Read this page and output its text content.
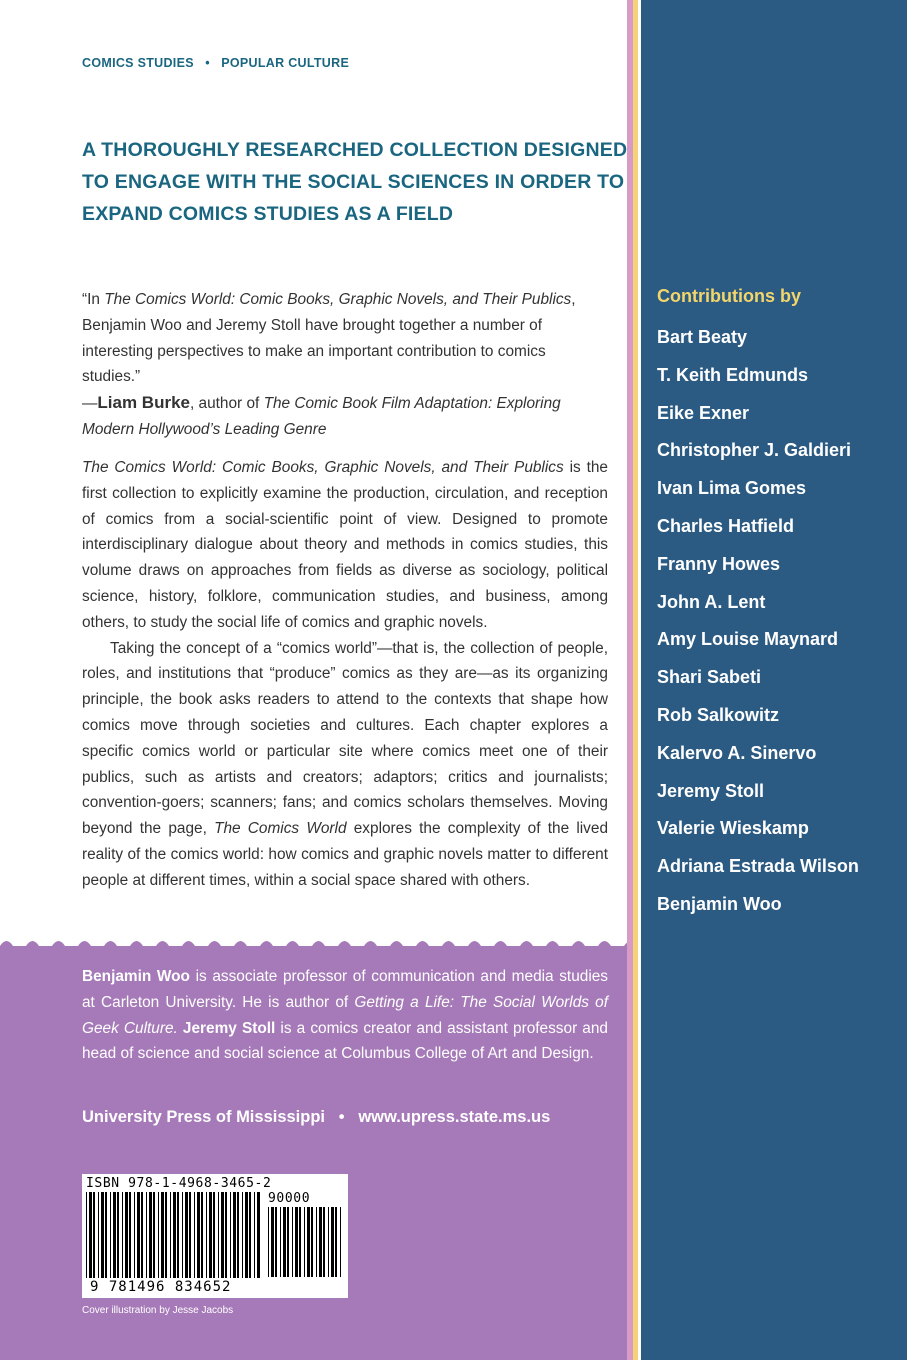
COMICS STUDIES • POPULAR CULTURE
A THOROUGHLY RESEARCHED COLLECTION DESIGNED
TO ENGAGE WITH THE SOCIAL SCIENCES IN ORDER TO
EXPAND COMICS STUDIES AS A FIELD
“In The Comics World: Comic Books, Graphic Novels, and Their Publics, Benjamin Woo and Jeremy Stoll have brought together a number of interesting perspectives to make an important contribution to comics studies.”
—Liam Burke, author of The Comic Book Film Adaptation: Exploring Modern Hollywood’s Leading Genre

The Comics World: Comic Books, Graphic Novels, and Their Publics is the first collection to explicitly examine the production, circulation, and reception of comics from a social-scientific point of view. Designed to promote interdisciplinary dialogue about theory and methods in comics studies, this volume draws on approaches from fields as diverse as sociology, political science, history, folklore, communication studies, and business, among others, to study the social life of comics and graphic novels.

Taking the concept of a “comics world”—that is, the collection of people, roles, and institutions that “produce” comics as they are—as its organizing principle, the book asks readers to attend to the contexts that shape how comics move through societies and cultures. Each chapter explores a specific comics world or particular site where comics meet one of their publics, such as artists and creators; adaptors; critics and journalists; convention-goers; scanners; fans; and comics scholars themselves. Moving beyond the page, The Comics World explores the complexity of the lived reality of the comics world: how comics and graphic novels matter to different people at different times, within a social space shared with others.

Benjamin Woo is associate professor of communication and media studies at Carleton University. He is author of Getting a Life: The Social Worlds of Geek Culture. Jeremy Stoll is a comics creator and assistant professor and head of science and social science at Columbus College of Art and Design.
University Press of Mississippi • www.upress.state.ms.us
ISBN 978-1-4968-3465-2
90000
9 781496 834652
Cover illustration by Jesse Jacobs
Contributions by
Bart Beaty
T. Keith Edmunds
Eike Exner
Christopher J. Galdieri
Ivan Lima Gomes
Charles Hatfield
Franny Howes
John A. Lent
Amy Louise Maynard
Shari Sabeti
Rob Salkowitz
Kalervo A. Sinervo
Jeremy Stoll
Valerie Wieskamp
Adriana Estrada Wilson
Benjamin Woo
